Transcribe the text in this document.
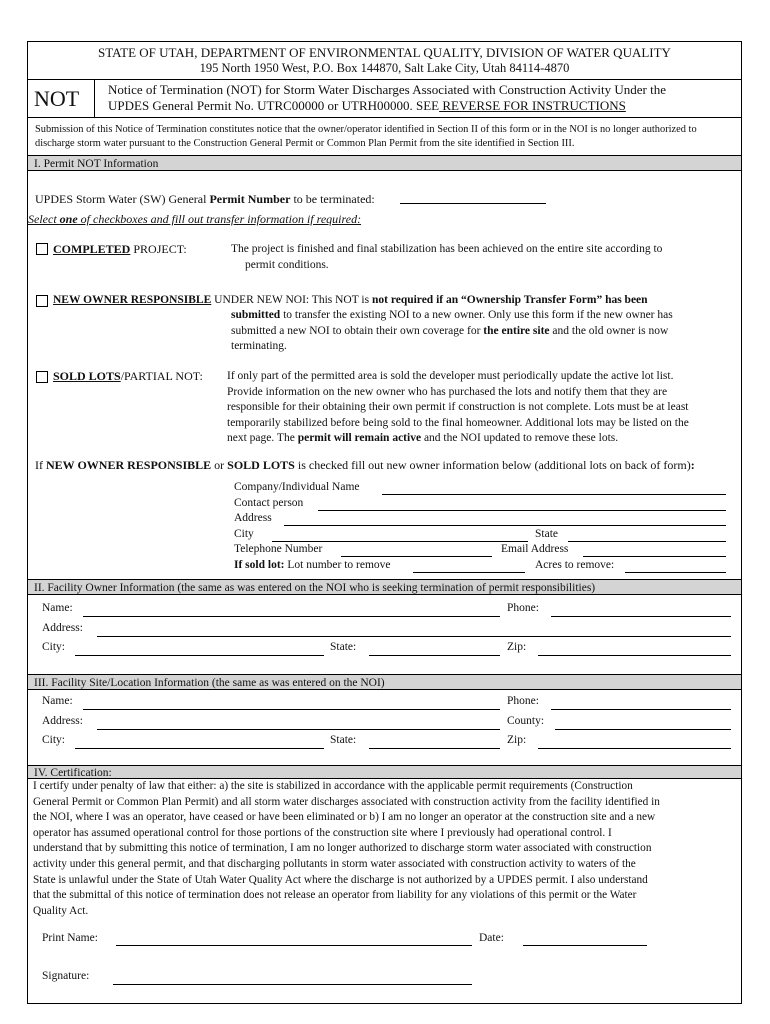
STATE OF UTAH, DEPARTMENT OF ENVIRONMENTAL QUALITY, DIVISION OF WATER QUALITY
195 North 1950 West, P.O. Box 144870, Salt Lake City, Utah 84114-4870
NOT Notice of Termination (NOT) for Storm Water Discharges Associated with Construction Activity Under the
UPDES General Permit No. UTRC00000 or UTRH00000. SEE REVERSE FOR INSTRUCTIONS
Submission of this Notice of Termination constitutes notice that the owner/operator identified in Section II of this form or in the NOI is no longer authorized to discharge storm water pursuant to the Construction General Permit or Common Plan Permit from the site identified in Section III.
I. Permit NOT Information
UPDES Storm Water (SW) General Permit Number to be terminated:
Select one of checkboxes and fill out transfer information if required:
COMPLETED PROJECT:	The project is finished and final stabilization has been achieved on the entire site according to
permit conditions.
NEW OWNER RESPONSIBLE UNDER NEW NOI: This NOT is not required if an “Ownership Transfer Form” has been
submitted to transfer the existing NOI to a new owner. Only use this form if the new owner has
submitted a new NOI to obtain their own coverage for the entire site and the old owner is now
terminating.
SOLD LOTS/PARTIAL NOT: If only part of the permitted area is sold the developer must periodically update the active lot list.
Provide information on the new owner who has purchased the lots and notify them that they are
responsible for their obtaining their own permit if construction is not complete. Lots must be at least
temporarily stabilized before being sold to the final homeowner. Additional lots may be listed on the
next page. The permit will remain active and the NOI updated to remove these lots.
If NEW OWNER RESPONSIBLE or SOLD LOTS is checked fill out new owner information below (additional lots on back of form):
Company/Individual Name
Contact person
Address
City	State
Telephone Number	Email Address
If sold lot: Lot number to remove	Acres to remove:
II. Facility Owner Information (the same as was entered on the NOI who is seeking termination of permit responsibilities)
Name:	Phone:
Address:
City:	State:	Zip:
III. Facility Site/Location Information (the same as was entered on the NOI)
Name:	Phone:
Address:	County:
City:	State:	Zip:
IV. Certification:
I certify under penalty of law that either: a) the site is stabilized in accordance with the applicable permit requirements (Construction
General Permit or Common Plan Permit) and all storm water discharges associated with construction activity from the facility identified in
the NOI, where I was an operator, have ceased or have been eliminated or b) I am no longer an operator at the construction site and a new
operator has assumed operational control for those portions of the construction site where I previously had operational control. I
understand that by submitting this notice of termination, I am no longer authorized to discharge storm water associated with construction
activity under this general permit, and that discharging pollutants in storm water associated with construction activity to waters of the
State is unlawful under the State of Utah Water Quality Act where the discharge is not authorized by a UPDES permit. I also understand
that the submittal of this notice of termination does not release an operator from liability for any violations of this permit or the Water
Quality Act.
Print Name:	Date:
Signature:
